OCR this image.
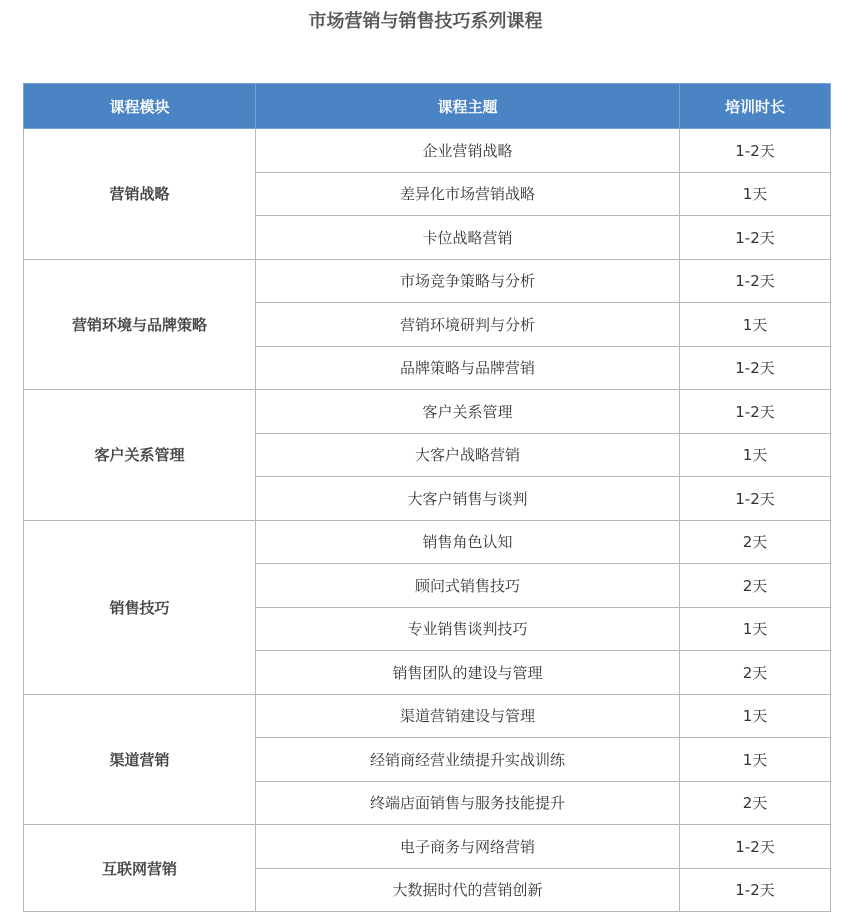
市场营销与销售技巧系列课程
课程模块	课程主题	培训时长
营销战略	企业营销战略	1-2天
	差异化市场营销战略	1天
	卡位战略营销	1-2天
营销环境与品牌策略	市场竞争策略与分析	1-2天
	营销环境研判与分析	1天
	品牌策略与品牌营销	1-2天
客户关系管理	客户关系管理	1-2天
	大客户战略营销	1天
	大客户销售与谈判	1-2天
销售技巧	销售角色认知	2天
	顾问式销售技巧	2天
	专业销售谈判技巧	1天
	销售团队的建设与管理	2天
渠道营销	渠道营销建设与管理	1天
	经销商经营业绩提升实战训练	1天
	终端店面销售与服务技能提升	2天
互联网营销	电子商务与网络营销	1-2天
	大数据时代的营销创新	1-2天
